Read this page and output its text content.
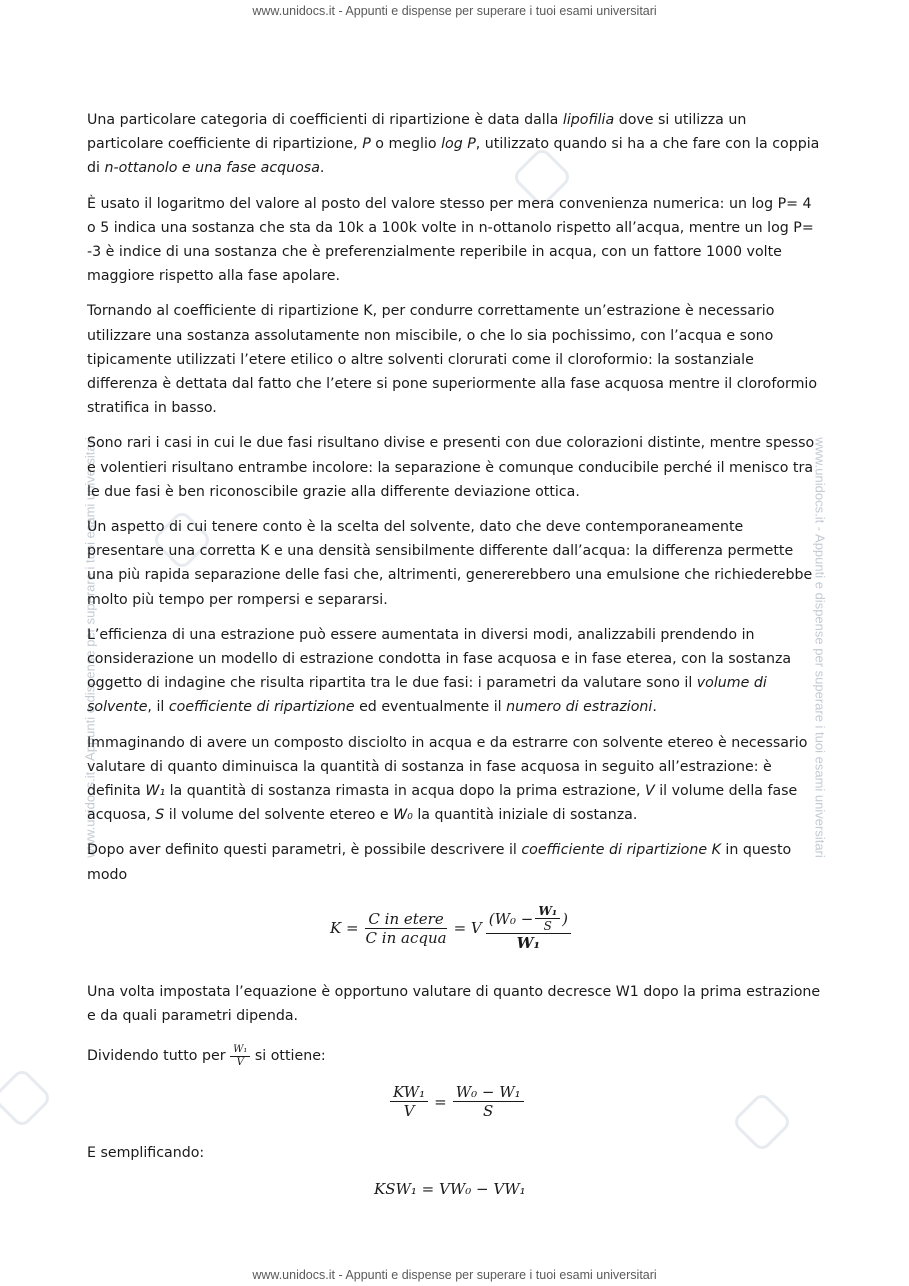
www.unidocs.it - Appunti e dispense per superare i tuoi esami universitari
www.unidocs.it - Appunti e dispense per superare i tuoi esami universitari
www.unidocs.it - Appunti e dispense per superare i tuoi esami universitari	www.unidocs.it - Appunti e dispense per superare i tuoi esami universitari

Una particolare categoria di coefficienti di ripartizione è data dalla lipofilia dove si utilizza un particolare coefficiente di ripartizione, P o meglio log P, utilizzato quando si ha a che fare con la coppia di n-ottanolo e una fase acquosa.

È usato il logaritmo del valore al posto del valore stesso per mera convenienza numerica: un log P= 4 o 5 indica una sostanza che sta da 10k a 100k volte in n-ottanolo rispetto all’acqua, mentre un log P= -3 è indice di una sostanza che è preferenzialmente reperibile in acqua, con un fattore 1000 volte maggiore rispetto alla fase apolare.

Tornando al coefficiente di ripartizione K, per condurre correttamente un’estrazione è necessario utilizzare una sostanza assolutamente non miscibile, o che lo sia pochissimo, con l’acqua e sono tipicamente utilizzati l’etere etilico o altre solventi clorurati come il cloroformio: la sostanziale differenza è dettata dal fatto che l’etere si pone superiormente alla fase acquosa mentre il cloroformio stratifica in basso.

Sono rari i casi in cui le due fasi risultano divise e presenti con due colorazioni distinte, mentre spesso e volentieri risultano entrambe incolore: la separazione è comunque conducibile perché il menisco tra le due fasi è ben riconoscibile grazie alla differente deviazione ottica.

Un aspetto di cui tenere conto è la scelta del solvente, dato che deve contemporaneamente presentare una corretta K e una densità sensibilmente differente dall’acqua: la differenza permette una più rapida separazione delle fasi che, altrimenti, genererebbero una emulsione che richiederebbe molto più tempo per rompersi e separarsi.

L’efficienza di una estrazione può essere aumentata in diversi modi, analizzabili prendendo in considerazione un modello di estrazione condotta in fase acquosa e in fase eterea, con la sostanza oggetto di indagine che risulta ripartita tra le due fasi: i parametri da valutare sono il volume di solvente, il coefficiente di ripartizione ed eventualmente il numero di estrazioni.

Immaginando di avere un composto disciolto in acqua e da estrarre con solvente etereo è necessario valutare di quanto diminuisca la quantità di sostanza in fase acquosa in seguito all’estrazione: è definita W₁ la quantità di sostanza rimasta in acqua dopo la prima estrazione, V il volume della fase acquosa, S il volume del solvente etereo e W₀ la quantità iniziale di sostanza.

Dopo aver definito questi parametri, è possibile descrivere il coefficiente di ripartizione K in questo modo

$K = \frac{\text{C in etere}}{\text{C in acqua}} = V \frac{(W_0 - \frac{\text{W₁}}{S} )}{\text{W₁}}$
Una volta impostata l’equazione è opportuno valutare di quanto decresce W1 dopo la prima estrazione e da quali parametri dipenda.
Dividendo tutto per $\frac{\text{W₁}}{V}$ si ottiene:
$\frac{\text{KW₁}}{V} = \frac{\text{W₀ − W₁}}{S}$
E semplificando:
KSW₁ = VW₀ − VW₁
